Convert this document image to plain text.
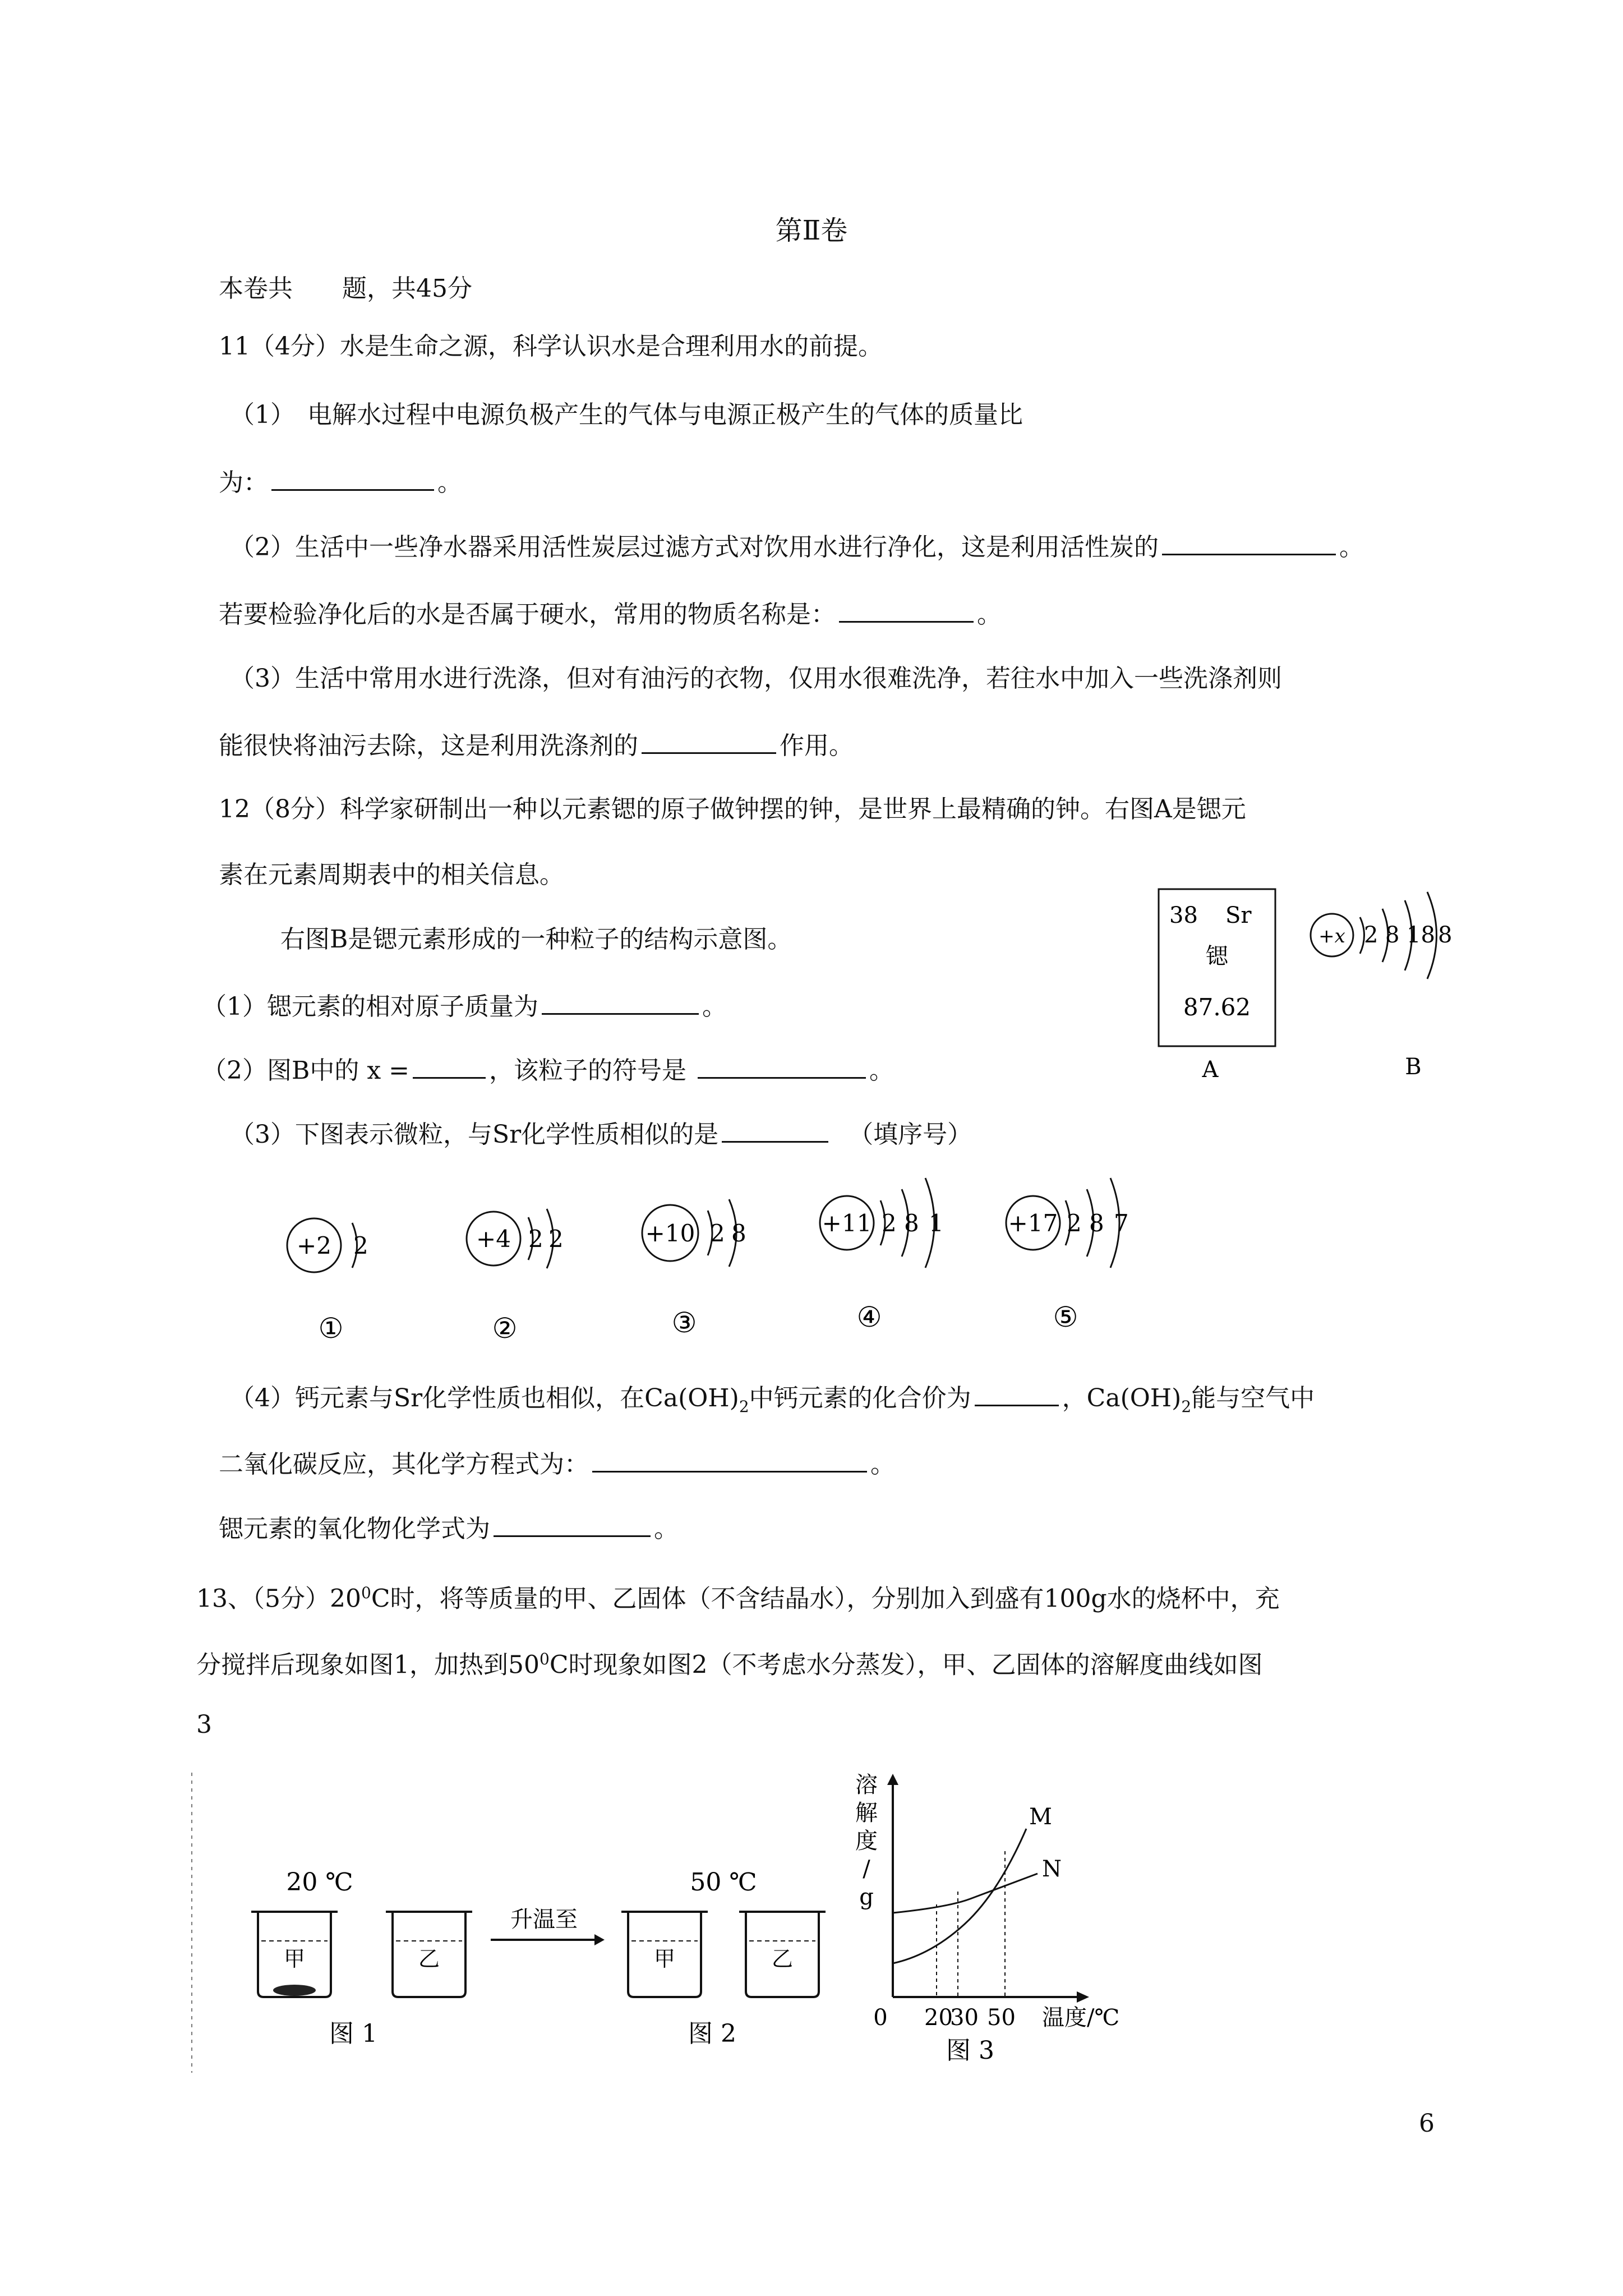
第Ⅱ卷
本卷共　　题，共45分
11（4分）水是生命之源，科学认识水是合理利用水的前提。
（1）　电解水过程中电源负极产生的气体与电源正极产生的气体的质量比
为：	。
（2）生活中一些净水器采用活性炭层过滤方式对饮用水进行净化，这是利用活性炭的	。
若要检验净化后的水是否属于硬水，常用的物质名称是：	。
（3）生活中常用水进行洗涤，但对有油污的衣物，仅用水很难洗净，若往水中加入一些洗涤剂则
能很快将油污去除，这是利用洗涤剂的	作用。
12（8分）科学家研制出一种以元素锶的原子做钟摆的钟，是世界上最精确的钟。右图A是锶元
素在元素周期表中的相关信息。
右图B是锶元素形成的一种粒子的结构示意图。
（1）锶元素的相对原子质量为	。
（2）图B中的 x =	，该粒子的符号是	。
（3）下图表示微粒，与Sr化学性质相似的是	（填序号）
38 Sr
锶
87.62
A
+x 2 8 18 8
B
+2 2
①
+4 2 2
②
+10 2 8
③
+11 2 8 1
④
+17 2 8 7
⑤
（4）钙元素与Sr化学性质也相似，在$Ca(OH)_2$中钙元素的化合价为	，$Ca(OH)_2$能与空气中
二氧化碳反应，其化学方程式为：	。
锶元素的氧化物化学式为	。
13、（5分）$20^0C$时，将等质量的甲、乙固体（不含结晶水），分别加入到盛有100g水的烧杯中，充
分搅拌后现象如图1，加热到$50^0C$时现象如图2（不考虑水分蒸发），甲、乙固体的溶解度曲线如图
3
20 ℃
甲	乙
图 1
升温至
50 ℃
甲	乙
图 2
溶
解
度
/
g
M
N
0 20
30 50 温度/℃
图 3
6
